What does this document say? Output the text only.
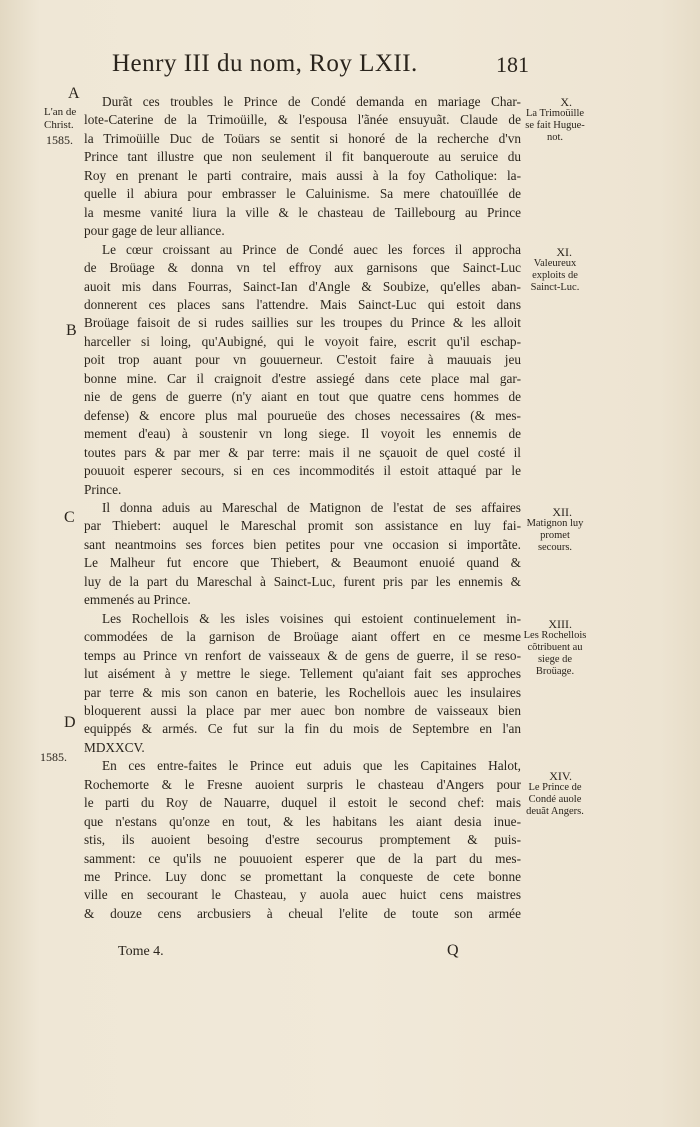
Henry III du nom, Roy LXII.	181
A
L'an de
Christ.
1585.
B
C
D
1585.

Durãt ces troubles le Prince de Condé demanda en mariage Char-
lote-Caterine de la Trimoüille, & l'espousa l'ãnée ensuyuãt. Claude de
la Trimoüille Duc de Toüars se sentit si honoré de la recherche d'vn
Prince tant illustre que non seulement il fit banqueroute au seruice du
Roy en prenant le parti contraire, mais aussi à la foy Catholique: la-
quelle il abiura pour embrasser le Caluinisme. Sa mere chatouïllée de
la mesme vanité liura la ville & le chasteau de Taillebourg au Prince
pour gage de leur alliance.

Le cœur croissant au Prince de Condé auec les forces il approcha
de Broüage & donna vn tel effroy aux garnisons que Sainct-Luc
auoit mis dans Fourras, Sainct-Ian d'Angle & Soubize, qu'elles aban-
donnerent ces places sans l'attendre. Mais Sainct-Luc qui estoit dans
Broüage faisoit de si rudes saillies sur les troupes du Prince & les alloit
harceller si loing, qu'Aubigné, qui le voyoit faire, escrit qu'il eschap-
poit trop auant pour vn gouuerneur. C'estoit faire à mauuais jeu
bonne mine. Car il craignoit d'estre assiegé dans cete place mal gar-
nie de gens de guerre (n'y aiant en tout que quatre cens hommes de
defense) & encore plus mal pourueüe des choses necessaires (& mes-
mement d'eau) à soustenir vn long siege. Il voyoit les ennemis de
toutes pars & par mer & par terre: mais il ne sçauoit de quel costé il
pouuoit esperer secours, si en ces incommodités il estoit attaqué par le
Prince.

Il donna aduis au Mareschal de Matignon de l'estat de ses affaires
par Thiebert: auquel le Mareschal promit son assistance en luy fai-
sant neantmoins ses forces bien petites pour vne occasion si importãte.
Le Malheur fut encore que Thiebert, & Beaumont enuoié quand &
luy de la part du Mareschal à Sainct-Luc, furent pris par les ennemis &
emmenés au Prince.

Les Rochellois & les isles voisines qui estoient continuelement in-
commodées de la garnison de Broüage aiant offert en ce mesme
temps au Prince vn renfort de vaisseaux & de gens de guerre, il se reso-
lut aisément à y mettre le siege. Tellement qu'aiant fait ses approches
par terre & mis son canon en baterie, les Rochellois auec les insulaires
bloquerent aussi la place par mer auec bon nombre de vaisseaux bien
equippés & armés. Ce fut sur la fin du mois de Septembre en l'an
MDXXCV.

En ces entre-faites le Prince eut aduis que les Capitaines Halot,
Rochemorte & le Fresne auoient surpris le chasteau d'Angers pour
le parti du Roy de Nauarre, duquel il estoit le second chef: mais
que n'estans qu'onze en tout, & les habitans les aiant desia inue-
stis, ils auoient besoing d'estre secourus promptement & puis-
samment: ce qu'ils ne pouuoient esperer que de la part du mes-
me Prince. Luy donc se promettant la conqueste de cete bonne
ville en secourant le Chasteau, y auola auec huict cens maistres
& douze cens arcbusiers à cheual l'elite de toute son armée

X.
La Trimoüille se fait Hugue-not.
XI.
Valeureux exploits de Sainct-Luc.
XII.
Matignon luy promet secours.
XIII.
Les Rochellois cõtribuent au siege de Broüage.
XIV.
Le Prince de Condé auole deuãt Angers.
Tome 4.	Q
